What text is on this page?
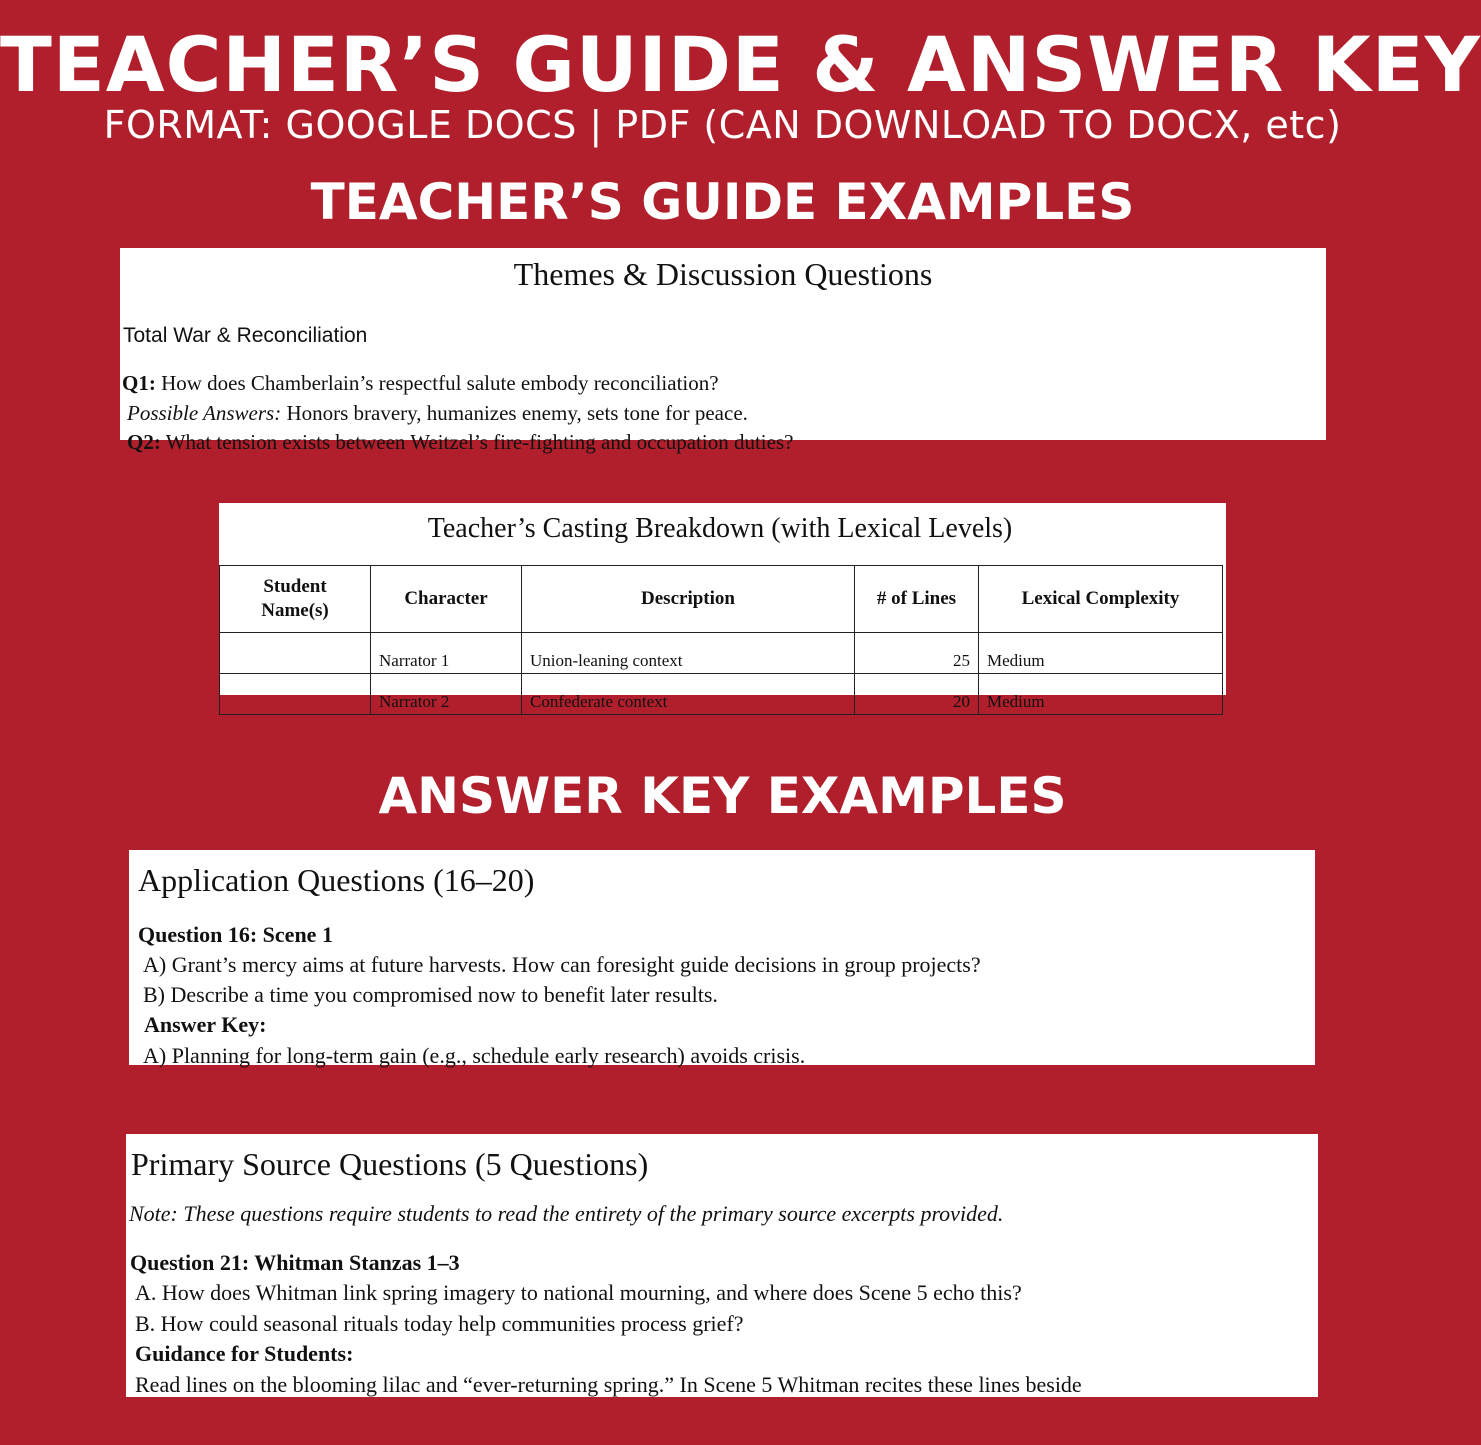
TEACHER’S GUIDE & ANSWER KEY
FORMAT: GOOGLE DOCS | PDF (CAN DOWNLOAD TO DOCX, etc)
TEACHER’S GUIDE EXAMPLES
Themes & Discussion Questions
Total War & Reconciliation
Q1: How does Chamberlain’s respectful salute embody reconciliation?
Possible Answers: Honors bravery, humanizes enemy, sets tone for peace.
Q2: What tension exists between Weitzel’s fire-fighting and occupation duties?
Teacher’s Casting Breakdown (with Lexical Levels)
Student Name(s)	Character	Description	# of Lines	Lexical Complexity
	Narrator 1	Union-leaning context	25	Medium
	Narrator 2	Confederate context	20	Medium
ANSWER KEY EXAMPLES
Application Questions (16–20)
Question 16: Scene 1
A) Grant’s mercy aims at future harvests. How can foresight guide decisions in group projects?
B) Describe a time you compromised now to benefit later results.
Answer Key:
A) Planning for long-term gain (e.g., schedule early research) avoids crisis.
Primary Source Questions (5 Questions)
Note: These questions require students to read the entirety of the primary source excerpts provided.
Question 21: Whitman Stanzas 1–3
A. How does Whitman link spring imagery to national mourning, and where does Scene 5 echo this?
B. How could seasonal rituals today help communities process grief?
Guidance for Students:
Read lines on the blooming lilac and “ever-returning spring.” In Scene 5 Whitman recites these lines beside
